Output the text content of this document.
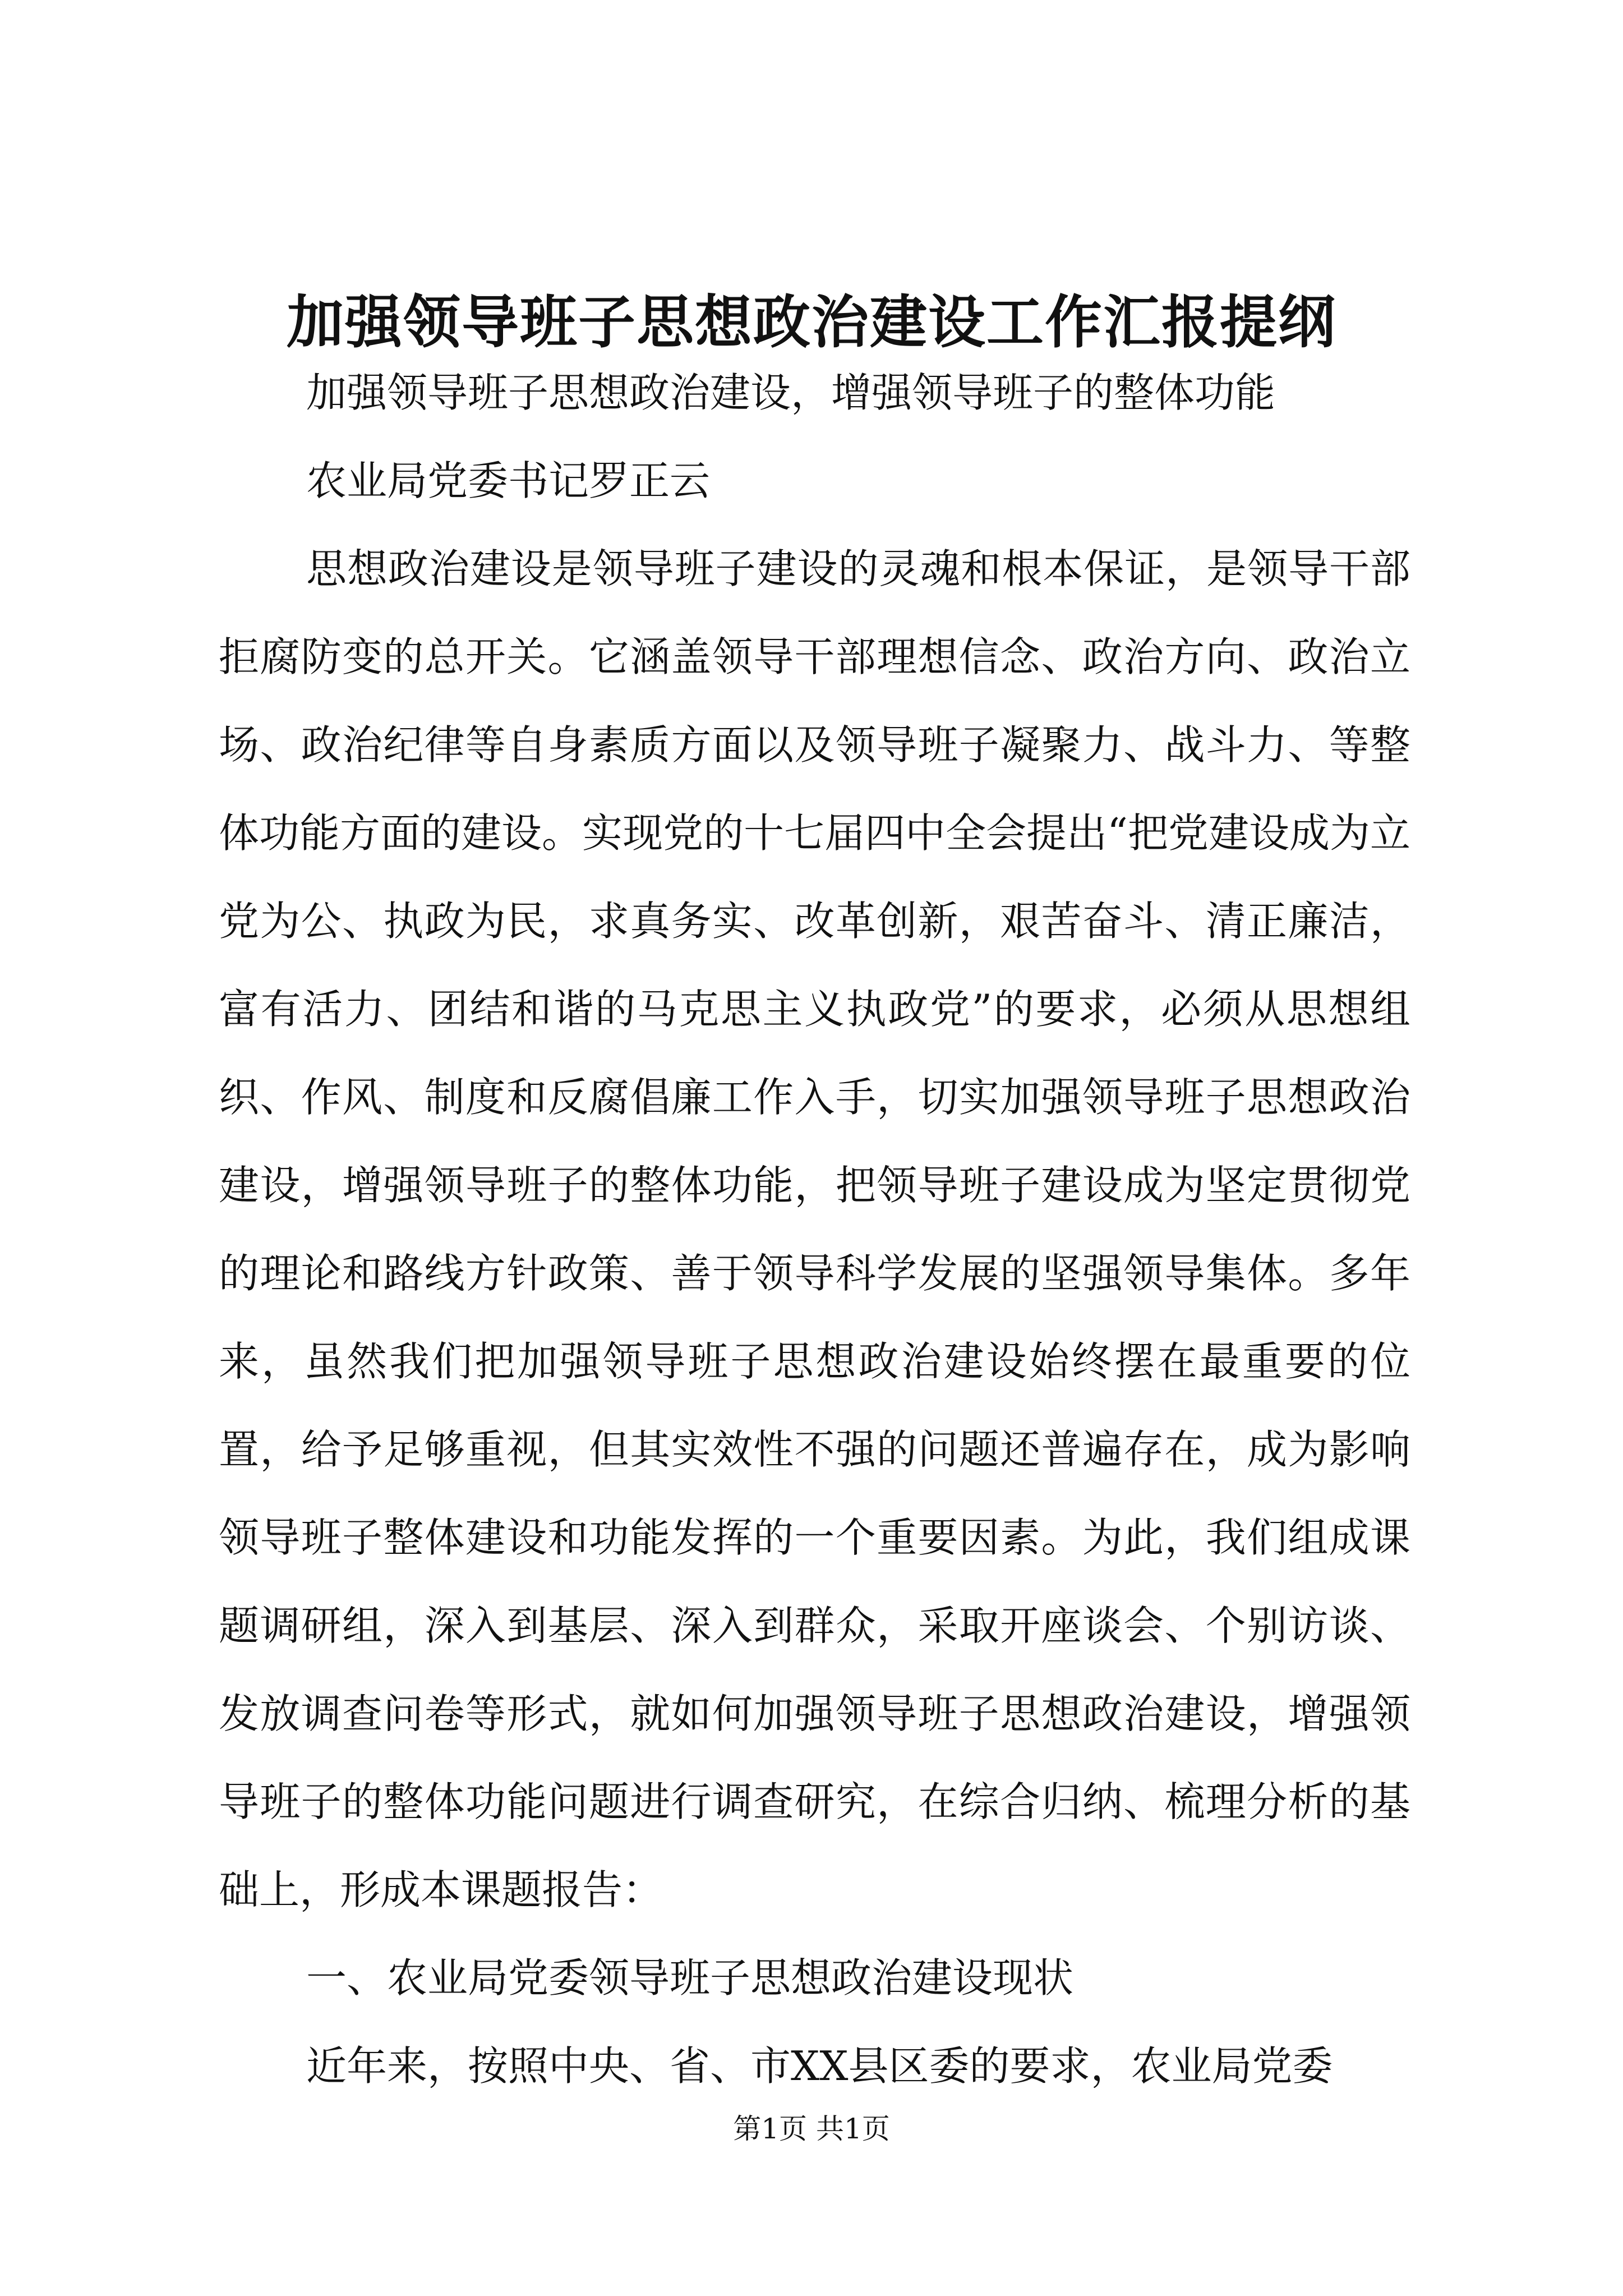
加强领导班子思想政治建设工作汇报提纲

加强领导班子思想政治建设，增强领导班子的整体功能

农业局党委书记罗正云

思想政治建设是领导班子建设的灵魂和根本保证，是领导干部拒腐防变的总开关。它涵盖领导干部理想信念、政治方向、政治立场、政治纪律等自身素质方面以及领导班子凝聚力、战斗力、等整体功能方面的建设。实现党的十七届四中全会提出“把党建设成为立党为公、执政为民，求真务实、改革创新，艰苦奋斗、清正廉洁，富有活力、团结和谐的马克思主义执政党”的要求，必须从思想组织、作风、制度和反腐倡廉工作入手，切实加强领导班子思想政治建设，增强领导班子的整体功能，把领导班子建设成为坚定贯彻党的理论和路线方针政策、善于领导科学发展的坚强领导集体。多年来，虽然我们把加强领导班子思想政治建设始终摆在最重要的位置，给予足够重视，但其实效性不强的问题还普遍存在，成为影响领导班子整体建设和功能发挥的一个重要因素。为此，我们组成课题调研组，深入到基层、深入到群众，采取开座谈会、个别访谈、发放调查问卷等形式，就如何加强领导班子思想政治建设，增强领导班子的整体功能问题进行调查研究，在综合归纳、梳理分析的基础上，形成本课题报告：

一、农业局党委领导班子思想政治建设现状

近年来，按照中央、省、市XX县区委的要求，农业局党委

第1页 共1页
